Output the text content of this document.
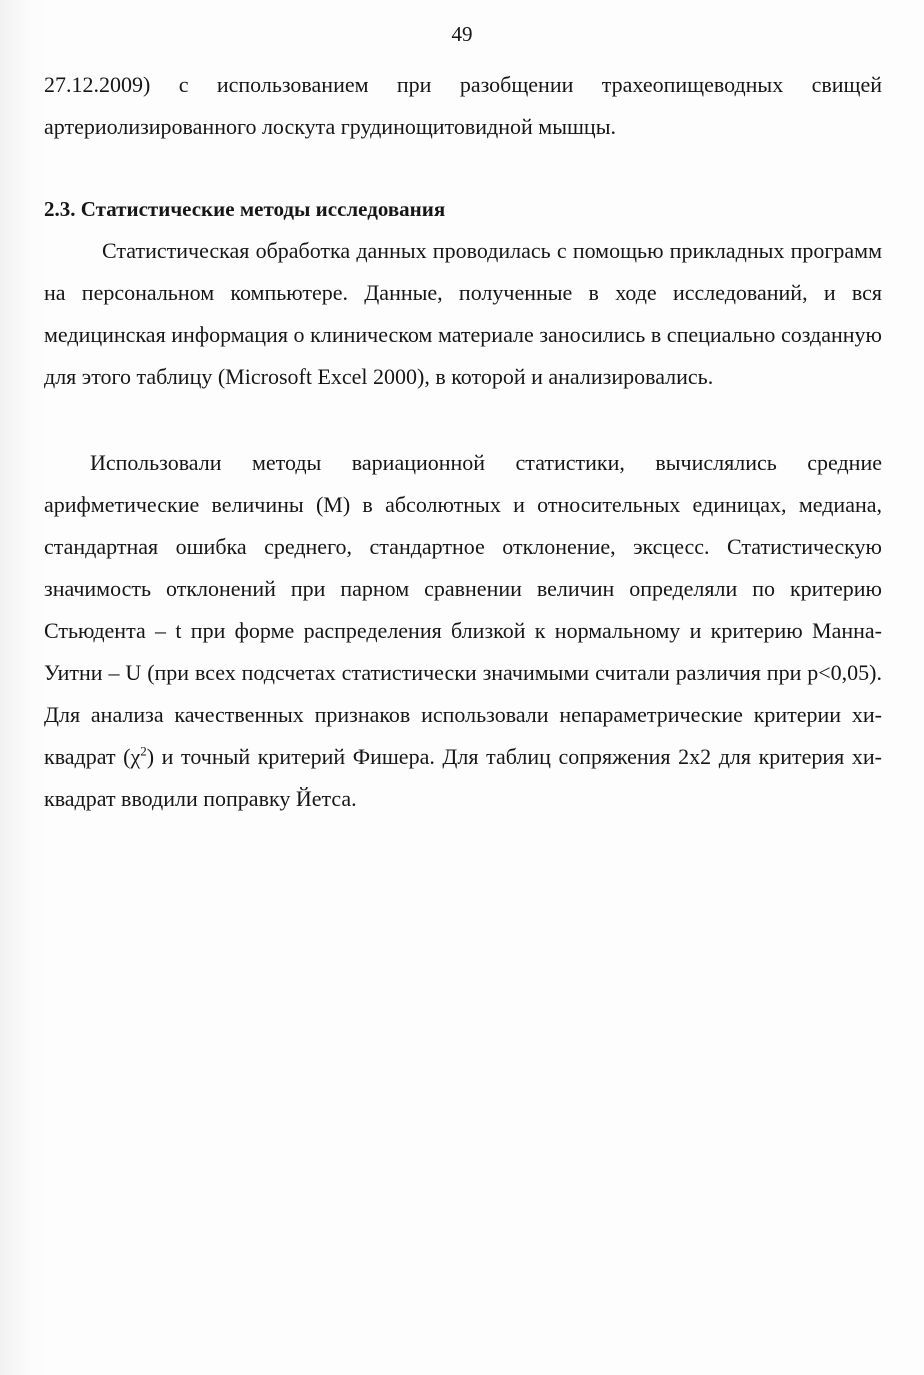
49

27.12.2009) с использованием при разобщении трахеопищеводных свищей артериолизированного лоскута грудинощитовидной мышцы.

2.3. Статистические методы исследования

Статистическая обработка данных проводилась с помощью прикладных программ на персональном компьютере. Данные, полученные в ходе исследований, и вся медицинская информация о клиническом материале заносились в специально созданную для этого таблицу (Microsoft Excel 2000), в которой и анализировались.

Использовали методы вариационной статистики, вычислялись средние арифметические величины (М) в абсолютных и относительных единицах, медиана, стандартная ошибка среднего, стандартное отклонение, эксцесс. Статистическую значимость отклонений при парном сравнении величин определяли по критерию Стьюдента – t при форме распределения близкой к нормальному и критерию Манна-Уитни – U (при всех подсчетах статистически значимыми считали различия при p<0,05). Для анализа качественных признаков использовали непараметрические критерии хи-квадрат $(\chi^2)$ и точный критерий Фишера. Для таблиц сопряжения 2х2 для критерия хи-квадрат вводили поправку Йетса.
